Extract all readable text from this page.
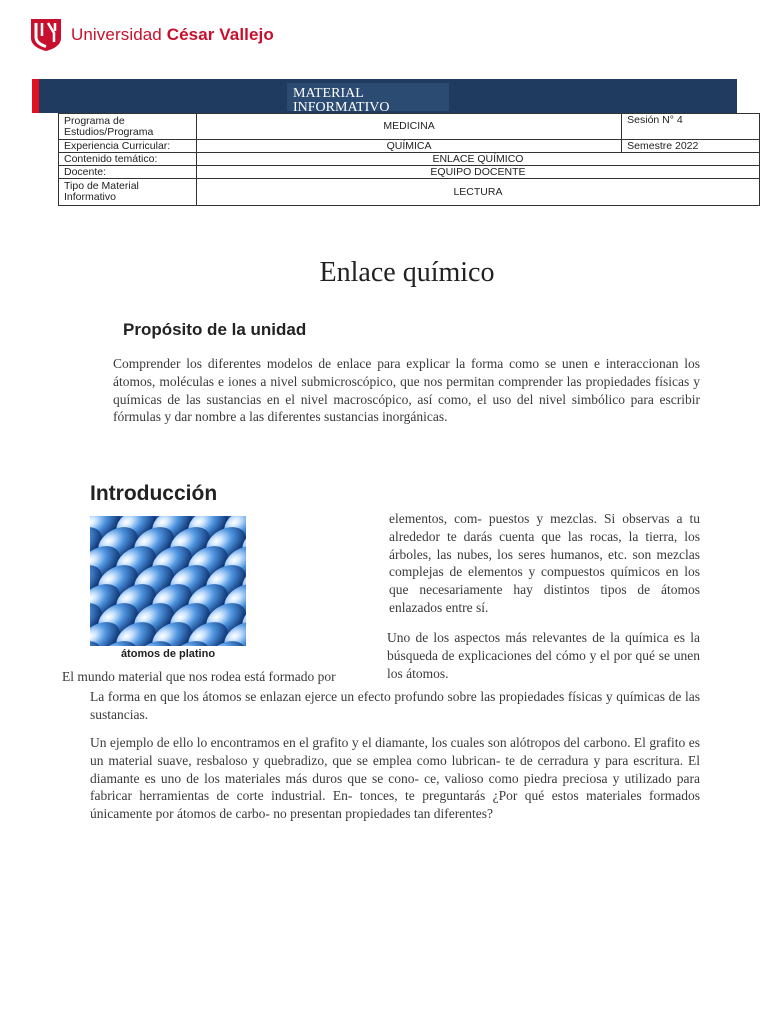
Universidad César Vallejo
MATERIAL INFORMATIVO
Programa de Estudios/Programa	MEDICINA	Sesión N° 4
Experiencia Curricular:	QUÍMICA	Semestre 2022
Contenido temático:	ENLACE QUÍMICO	
Docente:	EQUIPO DOCENTE	
Tipo de Material Informativo	LECTURA	
Enlace químico
Propósito de la unidad
Comprender los diferentes modelos de enlace para explicar la forma como se unen e interaccionan los átomos, moléculas e iones a nivel submicroscópico, que nos permitan comprender las propiedades físicas y químicas de las sustancias en el nivel macroscópico, así como, el uso del nivel simbólico para escribir fórmulas y dar nombre a las diferentes sustancias inorgánicas.
Introducción
átomos de platino
elementos, com- puestos y mezclas. Si observas a tu alrededor te darás cuenta que las rocas, la tierra, los árboles, las nubes, los seres humanos, etc. son mezclas complejas de elementos y compuestos químicos en los que necesariamente hay distintos tipos de átomos enlazados entre sí.
Uno de los aspectos más relevantes de la química es la búsqueda de explicaciones del cómo y el por qué se unen los átomos.
El mundo material que nos rodea está formado por
La forma en que los átomos se enlazan ejerce un efecto profundo sobre las propiedades físicas y químicas de las sustancias.
Un ejemplo de ello lo encontramos en el grafito y el diamante, los cuales son alótropos del carbono. El grafito es un material suave, resbaloso y quebradizo, que se emplea como lubrican- te de cerradura y para escritura. El diamante es uno de los materiales más duros que se cono- ce, valioso como piedra preciosa y utilizado para fabricar herramientas de corte industrial. En- tonces, te preguntarás ¿Por qué estos materiales formados únicamente por átomos de carbo- no presentan propiedades tan diferentes?
